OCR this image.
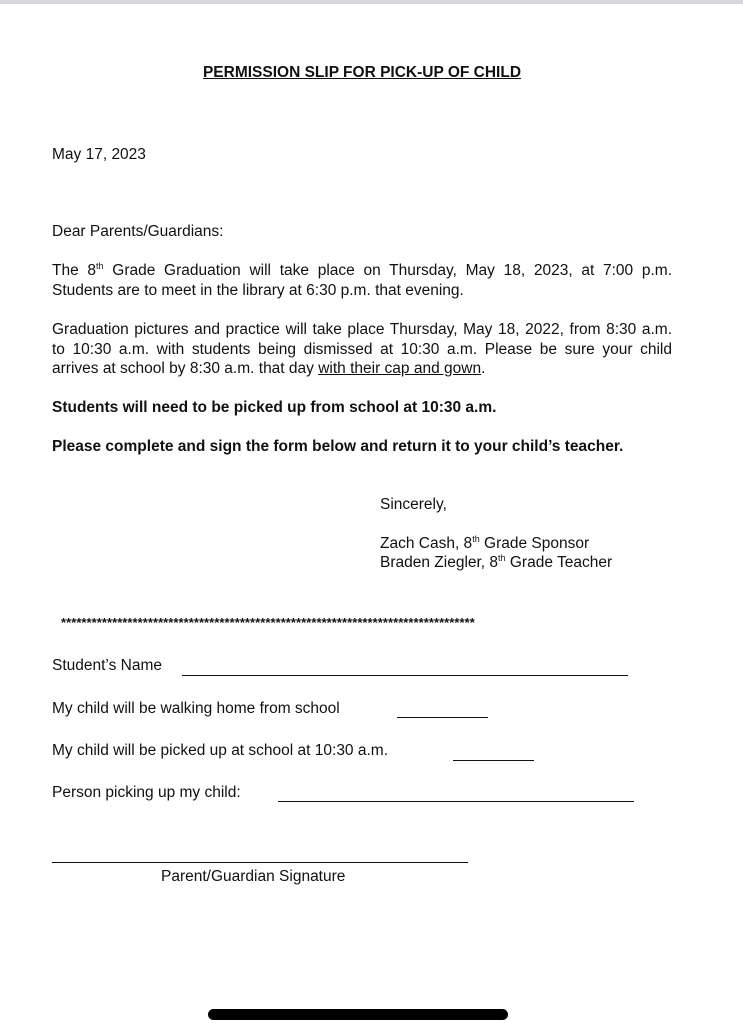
PERMISSION SLIP FOR PICK-UP OF CHILD
May 17, 2023
Dear Parents/Guardians:
The 8th Grade Graduation will take place on Thursday, May 18, 2023, at 7:00 p.m. Students are to meet in the library at 6:30 p.m. that evening.
Graduation pictures and practice will take place Thursday, May 18, 2022, from 8:30 a.m. to 10:30 a.m. with students being dismissed at 10:30 a.m. Please be sure your child arrives at school by 8:30 a.m. that day with their cap and gown.
Students will need to be picked up from school at 10:30 a.m.
Please complete and sign the form below and return it to your child’s teacher.
Sincerely,
Zach Cash, 8th Grade Sponsor
Braden Ziegler, 8th Grade Teacher
*********************************************************************************
Student’s Name
My child will be walking home from school
My child will be picked up at school at 10:30 a.m.
Person picking up my child:
Parent/Guardian Signature
